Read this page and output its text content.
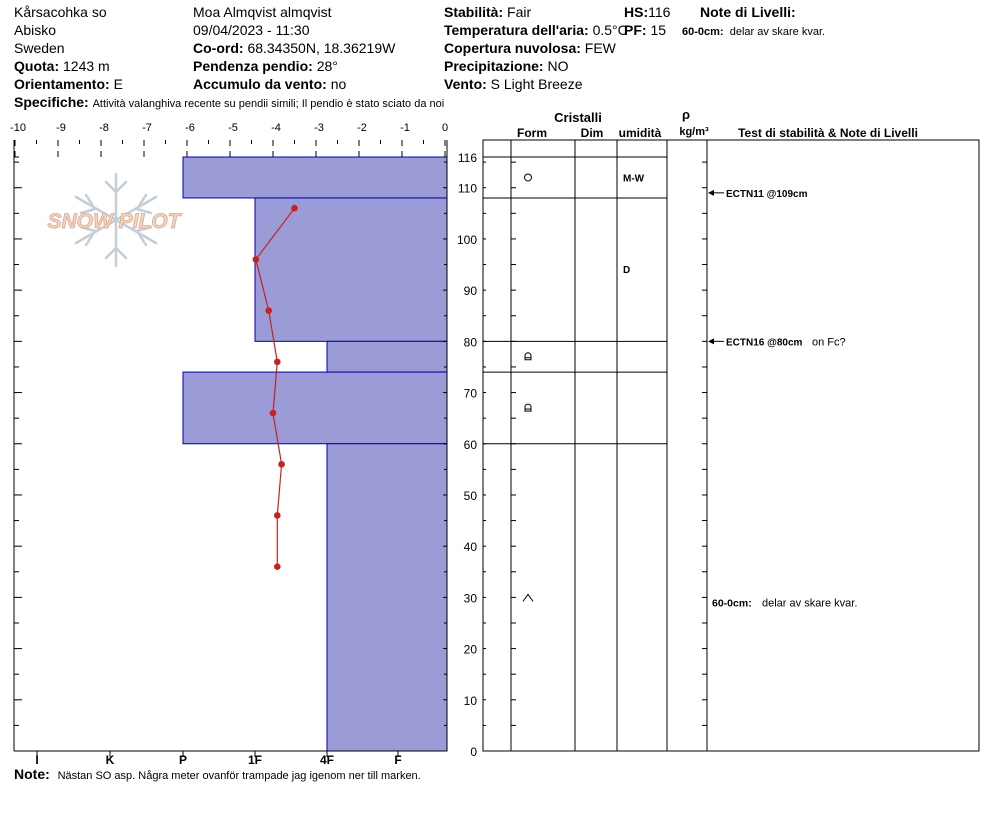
Kårsacohka so
Abisko
Sweden
Quota: 1243 m
Orientamento: E
Specifiche: Attività valanghiva recente su pendii simili; Il pendio è stato sciato da noi
Moa Almqvist almqvist
09/04/2023 - 11:30
Co-ord: 68.34350N, 18.36219W
Pendenza pendio: 28°
Accumulo da vento: no
Stabilità: Fair
Temperatura dell'aria: 0.5°C
Copertura nuvolosa: FEW
Precipitazione: NO
Vento: S Light Breeze
HS:116
PF: 15
Note di Livelli:
60-0cm: delar av skare kvar.
Note: Nästan SO asp. Några meter ovanför trampade jag igenom ner till marken.
SNOW PILOT
-10	-9	-8	-7	-6	-5	-4	-3	-2	-1	0
0
10
20
30
40
50
60
70
80
90
100
110
116
I	K	P	1F	4F	F
Cristalli
Form	Dim umidità
ρ
kg/m³ Test di stabilità & Note di Livelli
M-W
D
ECTN11 @109cm
ECTN16 @80cm on Fc?
60-0cm: delar av skare kvar.
